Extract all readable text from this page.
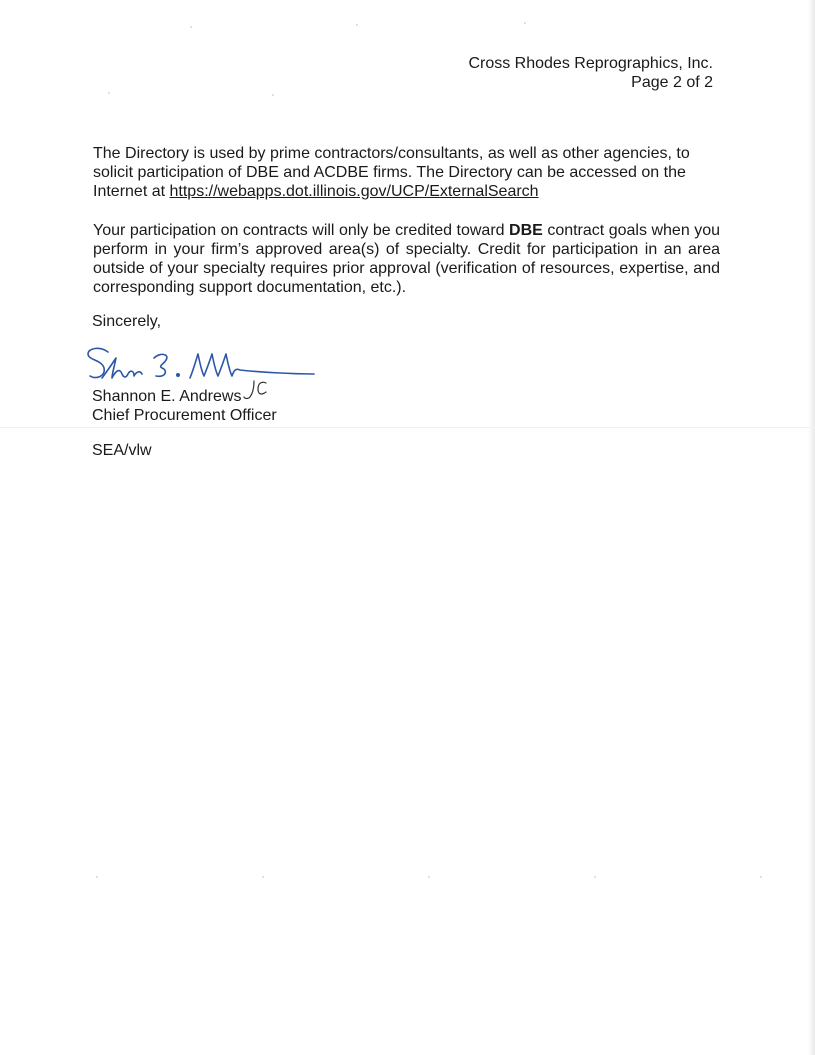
Cross Rhodes Reprographics, Inc.
Page 2 of 2

The Directory is used by prime contractors/consultants, as well as other agencies, to solicit participation of DBE and ACDBE firms. The Directory can be accessed on the Internet at https://webapps.dot.illinois.gov/UCP/ExternalSearch

Your participation on contracts will only be credited toward DBE contract goals when you perform in your firm’s approved area(s) of specialty. Credit for participation in an area outside of your specialty requires prior approval (verification of resources, expertise, and corresponding support documentation, etc.).

Sincerely,
Shannon E. Andrews
Chief Procurement Officer
SEA/vlw
